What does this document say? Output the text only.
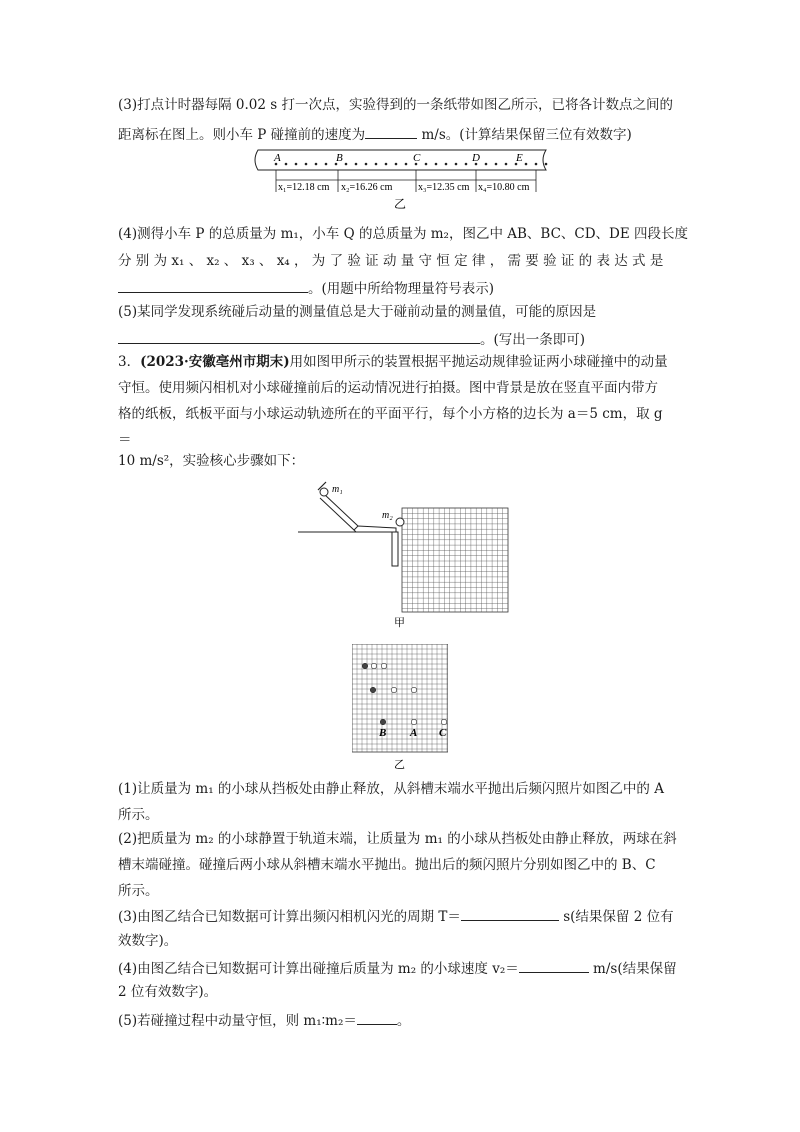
(3)打点计时器每隔 0.02 s 打一次点，实验得到的一条纸带如图乙所示，已将各计数点之间的
距离标在图上。则小车 P 碰撞前的速度为	m/s。(计算结果保留三位有效数字)
A	B	C	D	E
x₁=12.18 cm x₂=16.26 cm	x₃=12.35 cm x₄=10.80 cm
乙
(4)测得小车 P 的总质量为 m₁，小车 Q 的总质量为 m₂，图乙中 AB、BC、CD、DE 四段长度
分 别 为 x₁ 、 x₂ 、 x₃ 、 x₄ ， 为 了 验 证 动 量 守 恒 定 律 ， 需 要 验 证 的 表 达 式 是
。(用题中所给物理量符号表示)
(5)某同学发现系统碰后动量的测量值总是大于碰前动量的测量值，可能的原因是
。(写出一条即可)
3．(2023·安徽亳州市期末)用如图甲所示的装置根据平抛运动规律验证两小球碰撞中的动量
守恒。使用频闪相机对小球碰撞前后的运动情况进行拍摄。图中背景是放在竖直平面内带方
格的纸板，纸板平面与小球运动轨迹所在的平面平行，每个小方格的边长为 a＝5 cm，取 g
＝
10 m/s²，实验核心步骤如下：
m₁
m₂
甲
B A C
乙
(1)让质量为 m₁ 的小球从挡板处由静止释放，从斜槽末端水平抛出后频闪照片如图乙中的 A
所示。
(2)把质量为 m₂ 的小球静置于轨道末端，让质量为 m₁ 的小球从挡板处由静止释放，两球在斜
槽末端碰撞。碰撞后两小球从斜槽末端水平抛出。抛出后的频闪照片分别如图乙中的 B、C
所示。
(3)由图乙结合已知数据可计算出频闪相机闪光的周期 T＝	s(结果保留 2 位有
效数字)。
(4)由图乙结合已知数据可计算出碰撞后质量为 m₂ 的小球速度 v₂＝	m/s(结果保留
2 位有效数字)。
(5)若碰撞过程中动量守恒，则 m₁∶m₂＝	。
